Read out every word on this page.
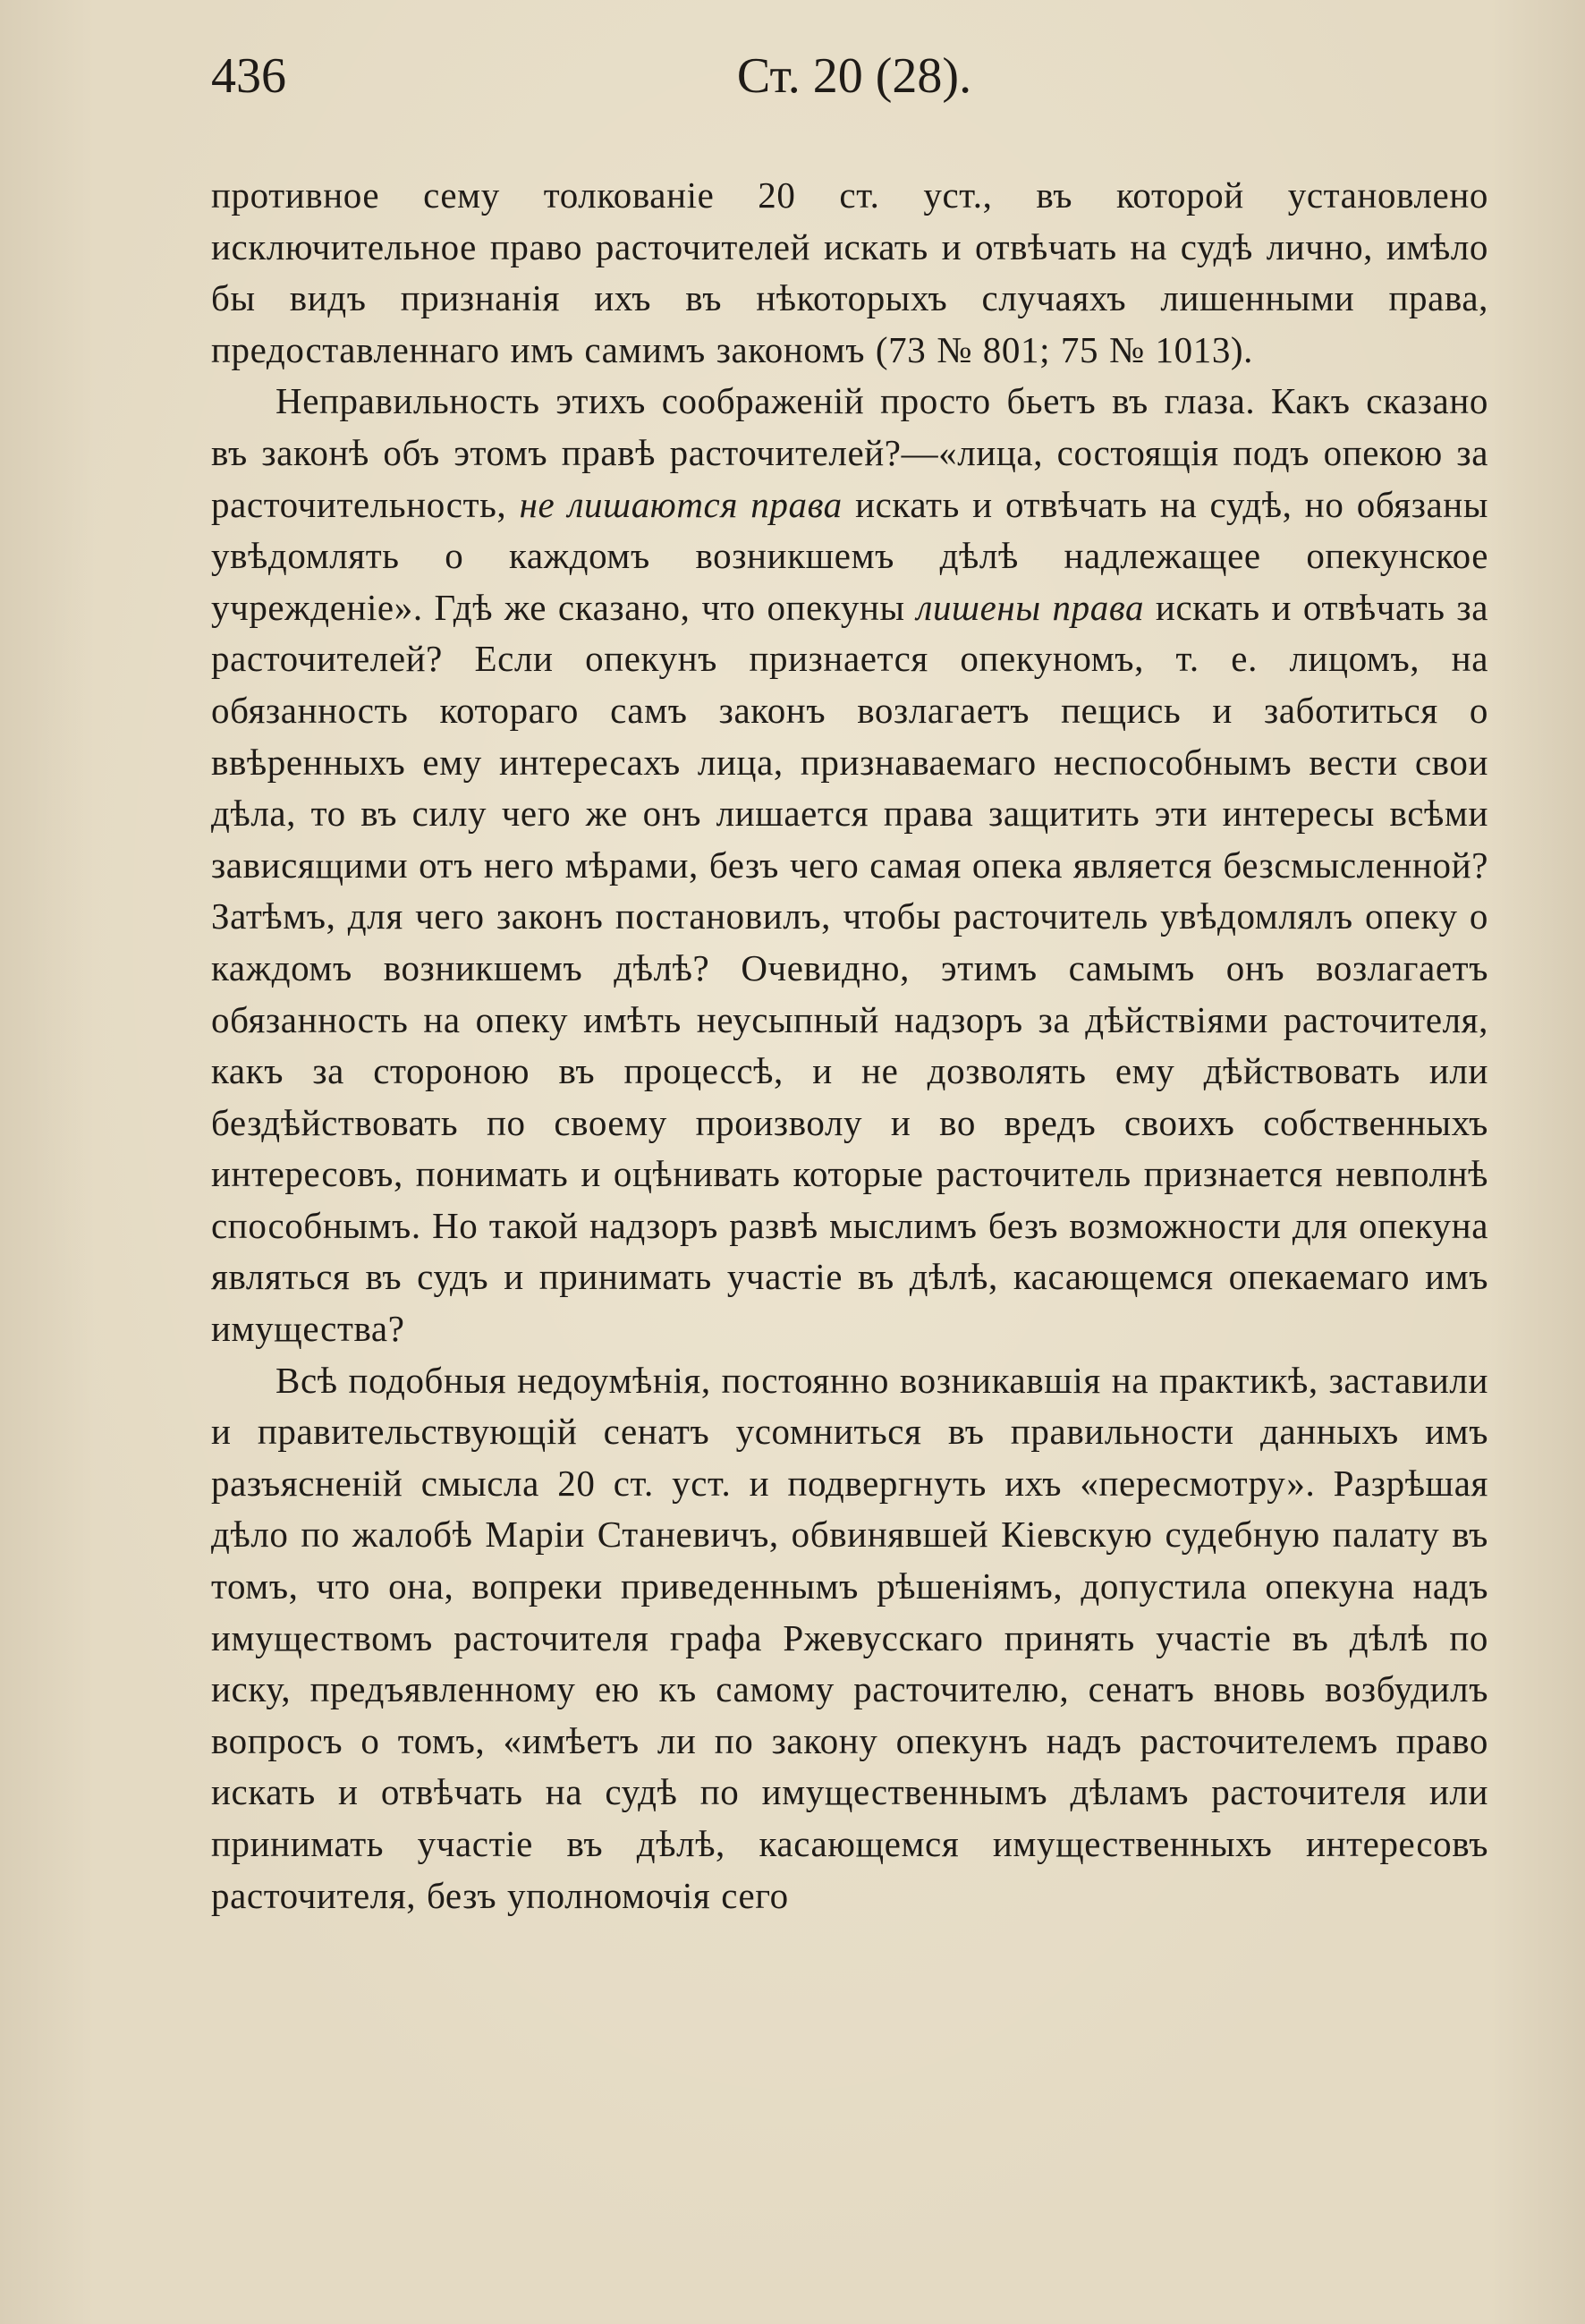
436	Ст. 20 (28).

противное сему толкованіе 20 ст. уст., въ которой установлено исключительное право расточителей искать и отвѣчать на судѣ лично, имѣло бы видъ признанія ихъ въ нѣкоторыхъ случаяхъ лишенными права, предоставленнаго имъ самимъ закономъ (73 № 801; 75 № 1013).

Неправильность этихъ соображеній просто бьетъ въ глаза. Какъ сказано въ законѣ объ этомъ правѣ расточителей?—«лица, состоящія подъ опекою за расточительность, не лишаются права искать и отвѣчать на судѣ, но обязаны увѣдомлять о каждомъ возникшемъ дѣлѣ надлежащее опекунское учрежденіе». Гдѣ же сказано, что опекуны лишены права искать и отвѣчать за расточителей? Если опекунъ признается опекуномъ, т. е. лицомъ, на обязанность котораго самъ законъ возлагаетъ пещись и заботиться о ввѣренныхъ ему интересахъ лица, признаваемаго неспособнымъ вести свои дѣла, то въ силу чего же онъ лишается права защитить эти интересы всѣми зависящими отъ него мѣрами, безъ чего самая опека является безсмысленной? Затѣмъ, для чего законъ постановилъ, чтобы расточитель увѣдомлялъ опеку о каждомъ возникшемъ дѣлѣ? Очевидно, этимъ самымъ онъ возлагаетъ обязанность на опеку имѣть неусыпный надзоръ за дѣйствіями расточителя, какъ за стороною въ процессѣ, и не дозволять ему дѣйствовать или бездѣйствовать по своему произволу и во вредъ своихъ собственныхъ интересовъ, понимать и оцѣнивать которые расточитель признается невполнѣ способнымъ. Но такой надзоръ развѣ мыслимъ безъ возможности для опекуна являться въ судъ и принимать участіе въ дѣлѣ, касающемся опекаемаго имъ имущества?

Всѣ подобныя недоумѣнія, постоянно возникавшія на практикѣ, заставили и правительствующій сенатъ усомниться въ правильности данныхъ имъ разъясненій смысла 20 ст. уст. и подвергнуть ихъ «пересмотру». Разрѣшая дѣло по жалобѣ Маріи Станевичъ, обвинявшей Кіевскую судебную палату въ томъ, что она, вопреки приведеннымъ рѣшеніямъ, допустила опекуна надъ имуществомъ расточителя графа Ржевусскаго принять участіе въ дѣлѣ по иску, предъявленному ею къ самому расточителю, сенатъ вновь возбудилъ вопросъ о томъ, «имѣетъ ли по закону опекунъ надъ расточителемъ право искать и отвѣчать на судѣ по имущественнымъ дѣламъ расточителя или принимать участіе въ дѣлѣ, касающемся имущественныхъ интересовъ расточителя, безъ уполномочія сего
